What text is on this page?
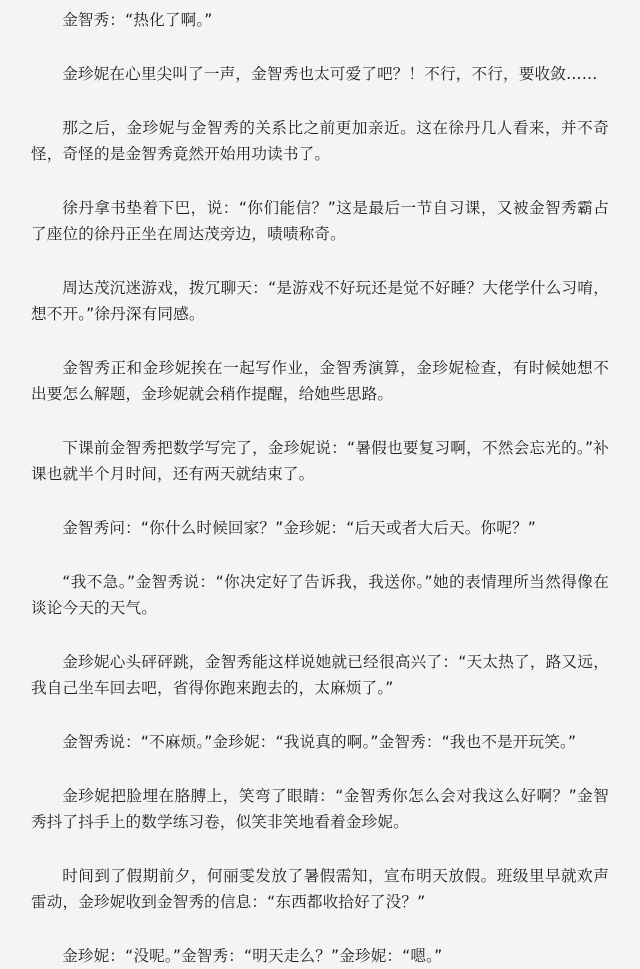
金智秀：“热化了啊。”

金珍妮在心里尖叫了一声，金智秀也太可爱了吧？！不行，不行，要收敛……

那之后，金珍妮与金智秀的关系比之前更加亲近。这在徐丹几人看来，并不奇怪，奇怪的是金智秀竟然开始用功读书了。

徐丹拿书垫着下巴，说：“你们能信？”这是最后一节自习课，又被金智秀霸占了座位的徐丹正坐在周达茂旁边，啧啧称奇。

周达茂沉迷游戏，拨冗聊天：“是游戏不好玩还是觉不好睡？大佬学什么习唷，想不开。”徐丹深有同感。

金智秀正和金珍妮挨在一起写作业，金智秀演算，金珍妮检查，有时候她想不出要怎么解题，金珍妮就会稍作提醒，给她些思路。

下课前金智秀把数学写完了，金珍妮说：“暑假也要复习啊，不然会忘光的。”补课也就半个月时间，还有两天就结束了。

金智秀问：“你什么时候回家？”金珍妮：“后天或者大后天。你呢？”

“我不急。”金智秀说：“你决定好了告诉我，我送你。”她的表情理所当然得像在谈论今天的天气。

金珍妮心头砰砰跳，金智秀能这样说她就已经很高兴了：“天太热了，路又远，我自己坐车回去吧，省得你跑来跑去的，太麻烦了。”

金智秀说：“不麻烦。”金珍妮：“我说真的啊。”金智秀：“我也不是开玩笑。”

金珍妮把脸埋在胳膊上，笑弯了眼睛：“金智秀你怎么会对我这么好啊？”金智秀抖了抖手上的数学练习卷，似笑非笑地看着金珍妮。

时间到了假期前夕，何丽雯发放了暑假需知，宣布明天放假。班级里早就欢声雷动，金珍妮收到金智秀的信息：“东西都收拾好了没？”

金珍妮：“没呢。”金智秀：“明天走么？”金珍妮：“嗯。”
